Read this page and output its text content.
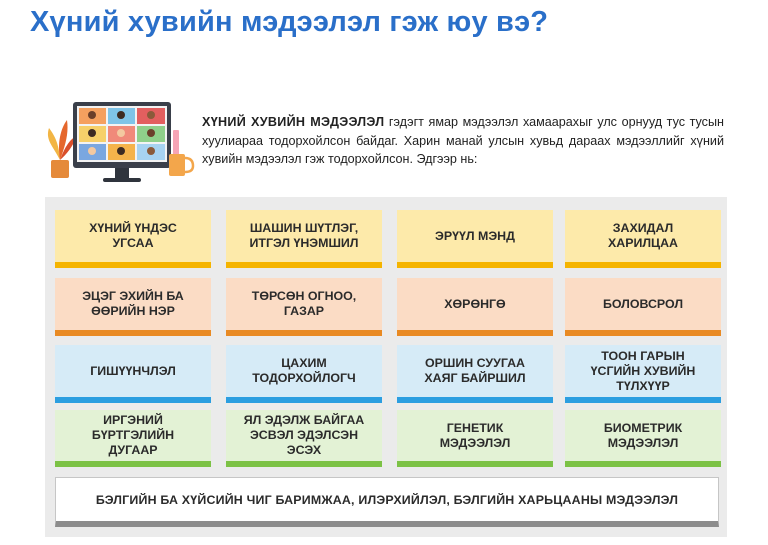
Хүний хувийн мэдээлэл гэж юу вэ?

ХҮНИЙ ХУВИЙН МЭДЭЭЛЭЛ гэдэгт ямар мэдээлэл хамаарахыг улс орнууд тус тусын хуулиараа тодорхойлсон байдаг. Харин манай улсын хувьд дараах мэдээллийг хүний хувийн мэдээлэл гэж тодорхойлсон. Эдгээр нь:

ХҮНИЙ ҮНДЭС
УГСАА
ШАШИН ШҮТЛЭГ,
ИТГЭЛ ҮНЭМШИЛ
ЭРҮҮЛ МЭНД
ЗАХИДАЛ
ХАРИЛЦАА
ЭЦЭГ ЭХИЙН БА
ӨӨРИЙН НЭР
ТӨРСӨН ОГНОО,
ГАЗАР
ХӨРӨНГӨ	БОЛОВСРОЛ
ГИШҮҮНЧЛЭЛ
ЦАХИМ
ТОДОРХОЙЛОГЧ
ОРШИН СУУГАА
ХАЯГ БАЙРШИЛ
ТООН ГАРЫН
ҮСГИЙН ХУВИЙН
ТҮЛХҮҮР
ИРГЭНИЙ
БҮРТГЭЛИЙН
ДУГААР
ЯЛ ЭДЭЛЖ БАЙГАА
ЭСВЭЛ ЭДЭЛСЭН
ЭСЭХ
ГЕНЕТИК
МЭДЭЭЛЭЛ
БИОМЕТРИК
МЭДЭЭЛЭЛ
БЭЛГИЙН БА ХҮЙСИЙН ЧИГ БАРИМЖАА, ИЛЭРХИЙЛЭЛ, БЭЛГИЙН ХАРЬЦААНЫ МЭДЭЭЛЭЛ
